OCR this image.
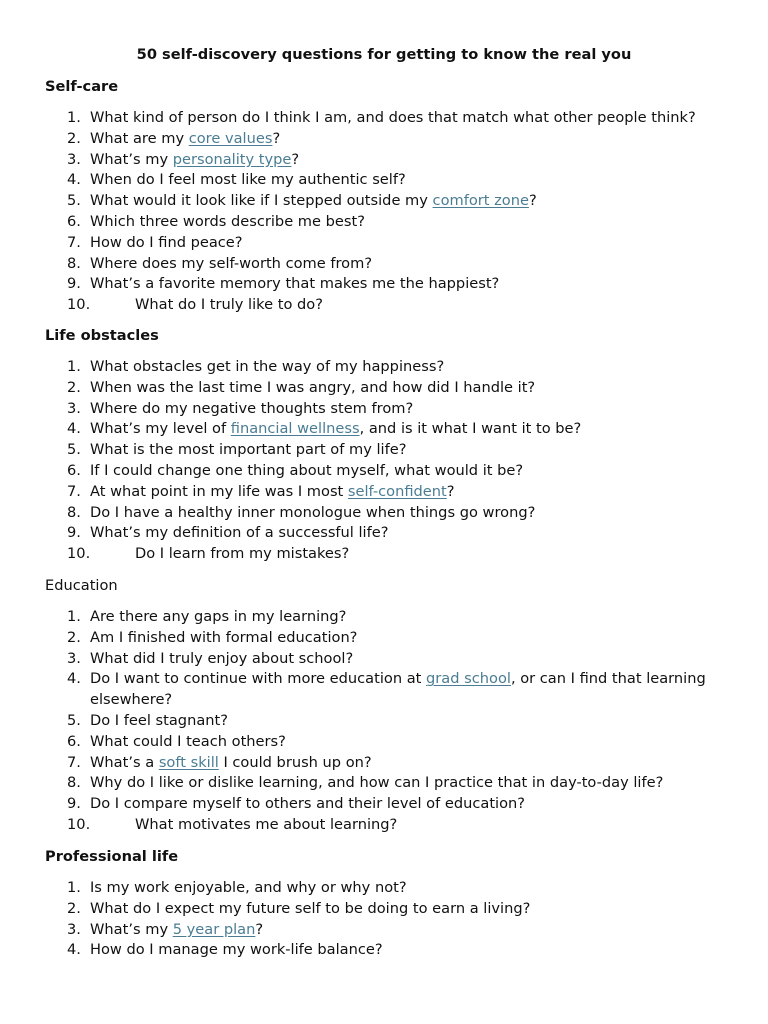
50 self-discovery questions for getting to know the real you
Self-care
1. What kind of person do I think I am, and does that match what other people think?
2. What are my core values?
3. What’s my personality type?
4. When do I feel most like my authentic self?
5. What would it look like if I stepped outside my comfort zone?
6. Which three words describe me best?
7. How do I find peace?
8. Where does my self-worth come from?
9. What’s a favorite memory that makes me the happiest?
10.	What do I truly like to do?
Life obstacles
1. What obstacles get in the way of my happiness?
2. When was the last time I was angry, and how did I handle it?
3. Where do my negative thoughts stem from?
4. What’s my level of financial wellness, and is it what I want it to be?
5. What is the most important part of my life?
6. If I could change one thing about myself, what would it be?
7. At what point in my life was I most self-confident?
8. Do I have a healthy inner monologue when things go wrong?
9. What’s my definition of a successful life?
10.	Do I learn from my mistakes?
Education
1. Are there any gaps in my learning?
2. Am I finished with formal education?
3. What did I truly enjoy about school?
4. Do I want to continue with more education at grad school, or can I find that learning elsewhere?
5. Do I feel stagnant?
6. What could I teach others?
7. What’s a soft skill I could brush up on?
8. Why do I like or dislike learning, and how can I practice that in day-to-day life?
9. Do I compare myself to others and their level of education?
10.	What motivates me about learning?
Professional life
1. Is my work enjoyable, and why or why not?
2. What do I expect my future self to be doing to earn a living?
3. What’s my 5 year plan?
4. How do I manage my work-life balance?
